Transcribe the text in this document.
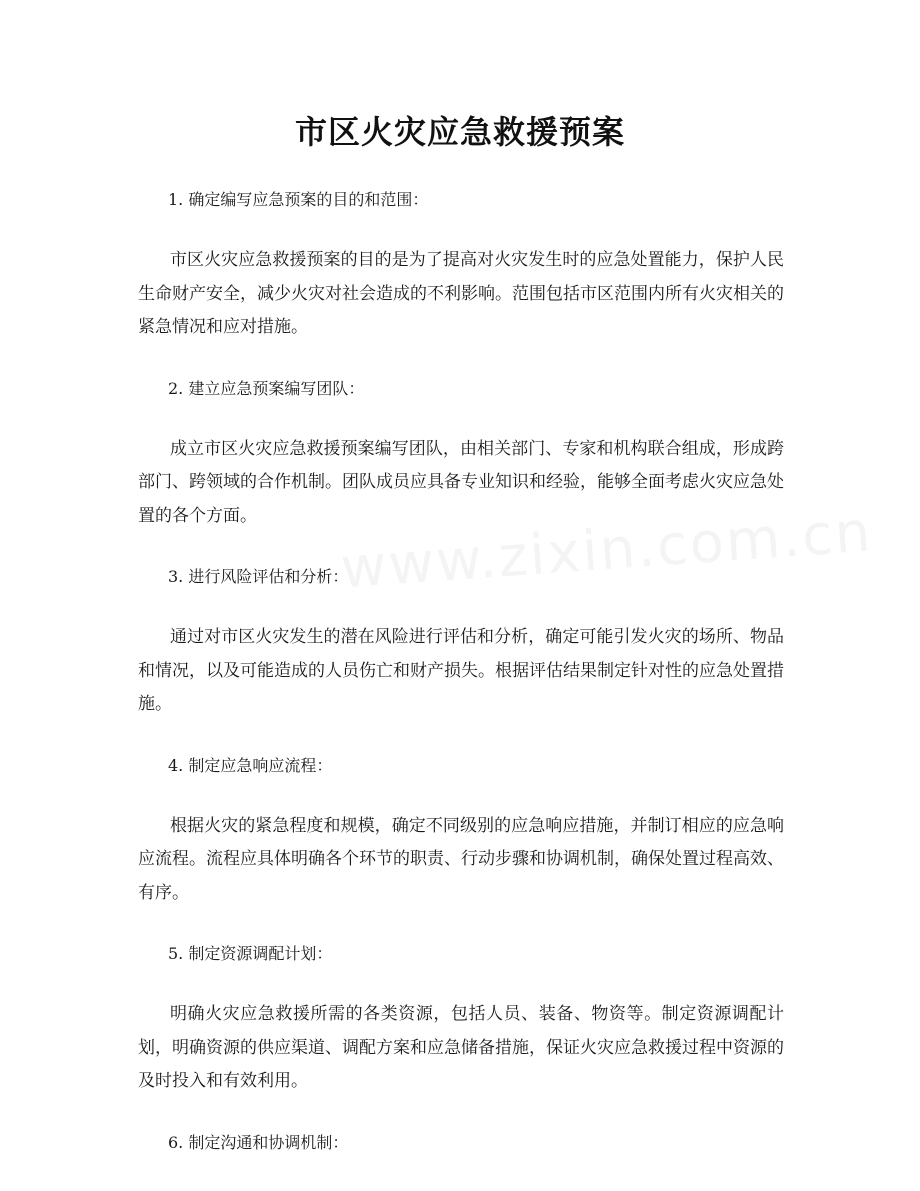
市区火灾应急救援预案

1. 确定编写应急预案的目的和范围：

市区火灾应急救援预案的目的是为了提高对火灾发生时的应急处置能力，保护人民生命财产安全，减少火灾对社会造成的不利影响。范围包括市区范围内所有火灾相关的紧急情况和应对措施。

2. 建立应急预案编写团队：

成立市区火灾应急救援预案编写团队，由相关部门、专家和机构联合组成，形成跨部门、跨领域的合作机制。团队成员应具备专业知识和经验，能够全面考虑火灾应急处置的各个方面。

3. 进行风险评估和分析：

通过对市区火灾发生的潜在风险进行评估和分析，确定可能引发火灾的场所、物品和情况，以及可能造成的人员伤亡和财产损失。根据评估结果制定针对性的应急处置措施。

4. 制定应急响应流程：

根据火灾的紧急程度和规模，确定不同级别的应急响应措施，并制订相应的应急响应流程。流程应具体明确各个环节的职责、行动步骤和协调机制，确保处置过程高效、有序。

5. 制定资源调配计划：

明确火灾应急救援所需的各类资源，包括人员、装备、物资等。制定资源调配计划，明确资源的供应渠道、调配方案和应急储备措施，保证火灾应急救援过程中资源的及时投入和有效利用。

6. 制定沟通和协调机制：
